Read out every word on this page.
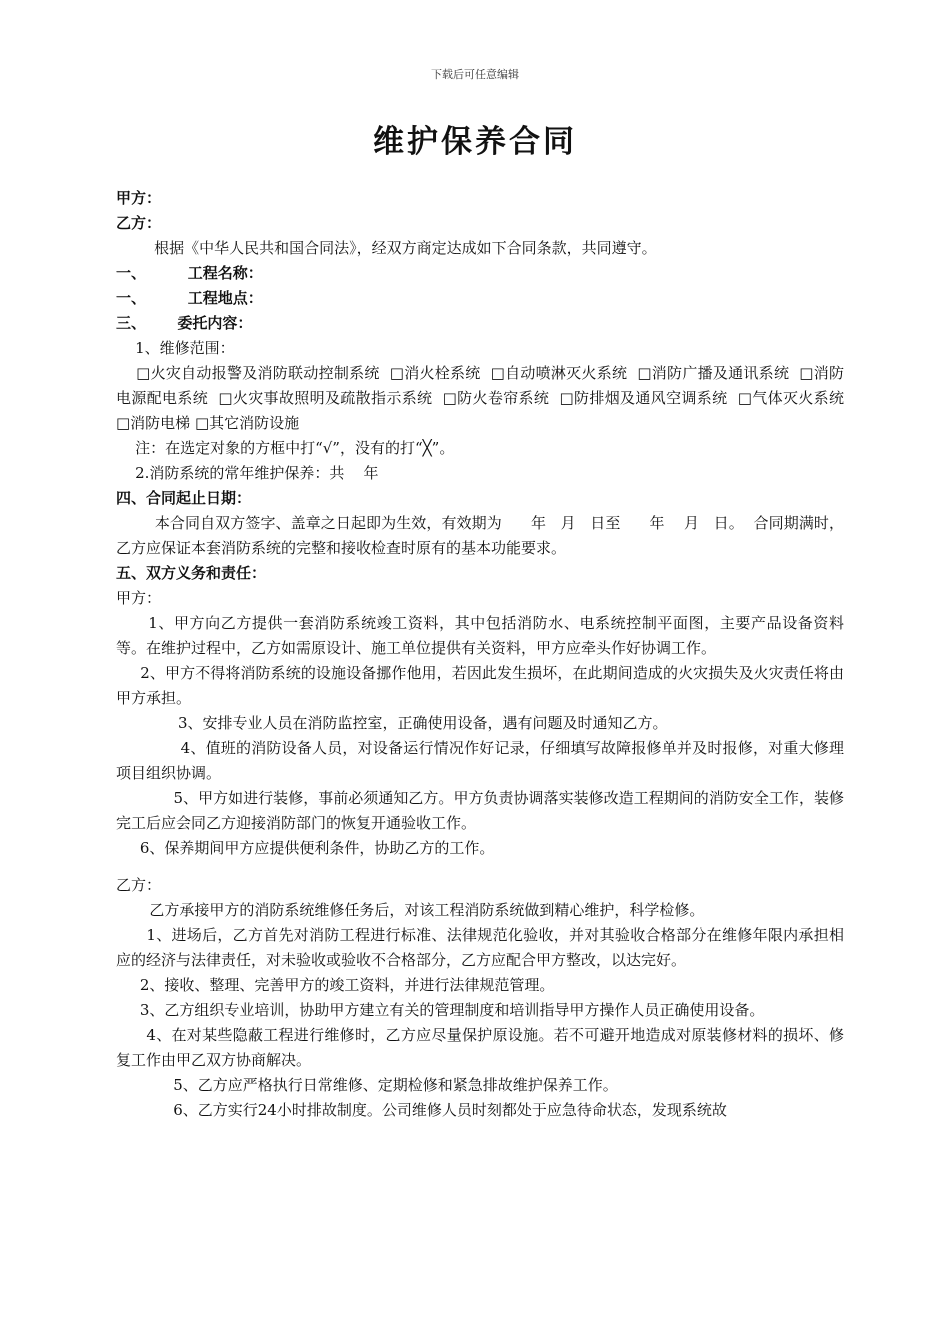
下载后可任意编辑
维护保养合同

甲方：

乙方：

根据《中华人民共和国合同法》，经双方商定达成如下合同条款，共同遵守。

一、        工程名称：

一、        工程地点：

三、      委托内容：

1、维修范围：

□火灾自动报警及消防联动控制系统  □消火栓系统  □自动喷淋灭火系统  □消防广播及通讯系统  □消防电源配电系统  □火灾事故照明及疏散指示系统  □防火卷帘系统  □防排烟及通风空调系统  □气体灭火系统  □消防电梯 □其它消防设施

注：在选定对象的方框中打“√”，没有的打“╳”。

2.消防系统的常年维护保养：共    年

四、合同起止日期：

本合同自双方签字、盖章之日起即为生效，有效期为      年   月   日至      年    月   日。  合同期满时，乙方应保证本套消防系统的完整和接收检查时原有的基本功能要求。

五、双方义务和责任：

甲方：

1、甲方向乙方提供一套消防系统竣工资料，其中包括消防水、电系统控制平面图，主要产品设备资料等。在维护过程中，乙方如需原设计、施工单位提供有关资料，甲方应牵头作好协调工作。

2、甲方不得将消防系统的设施设备挪作他用，若因此发生损坏，在此期间造成的火灾损失及火灾责任将由甲方承担。

3、安排专业人员在消防监控室，正确使用设备，遇有问题及时通知乙方。

4、值班的消防设备人员，对设备运行情况作好记录，仔细填写故障报修单并及时报修，对重大修理项目组织协调。

5、甲方如进行装修，事前必须通知乙方。甲方负责协调落实装修改造工程期间的消防安全工作，装修完工后应会同乙方迎接消防部门的恢复开通验收工作。

6、保养期间甲方应提供便利条件，协助乙方的工作。

乙方：

乙方承接甲方的消防系统维修任务后，对该工程消防系统做到精心维护，科学检修。

1、进场后，乙方首先对消防工程进行标准、法律规范化验收，并对其验收合格部分在维修年限内承担相应的经济与法律责任，对未验收或验收不合格部分，乙方应配合甲方整改，以达完好。

2、接收、整理、完善甲方的竣工资料，并进行法律规范管理。

3、乙方组织专业培训，协助甲方建立有关的管理制度和培训指导甲方操作人员正确使用设备。

4、在对某些隐蔽工程进行维修时，乙方应尽量保护原设施。若不可避开地造成对原装修材料的损坏、修复工作由甲乙双方协商解决。

5、乙方应严格执行日常维修、定期检修和紧急排故维护保养工作。

6、乙方实行24小时排故制度。公司维修人员时刻都处于应急待命状态，发现系统故
